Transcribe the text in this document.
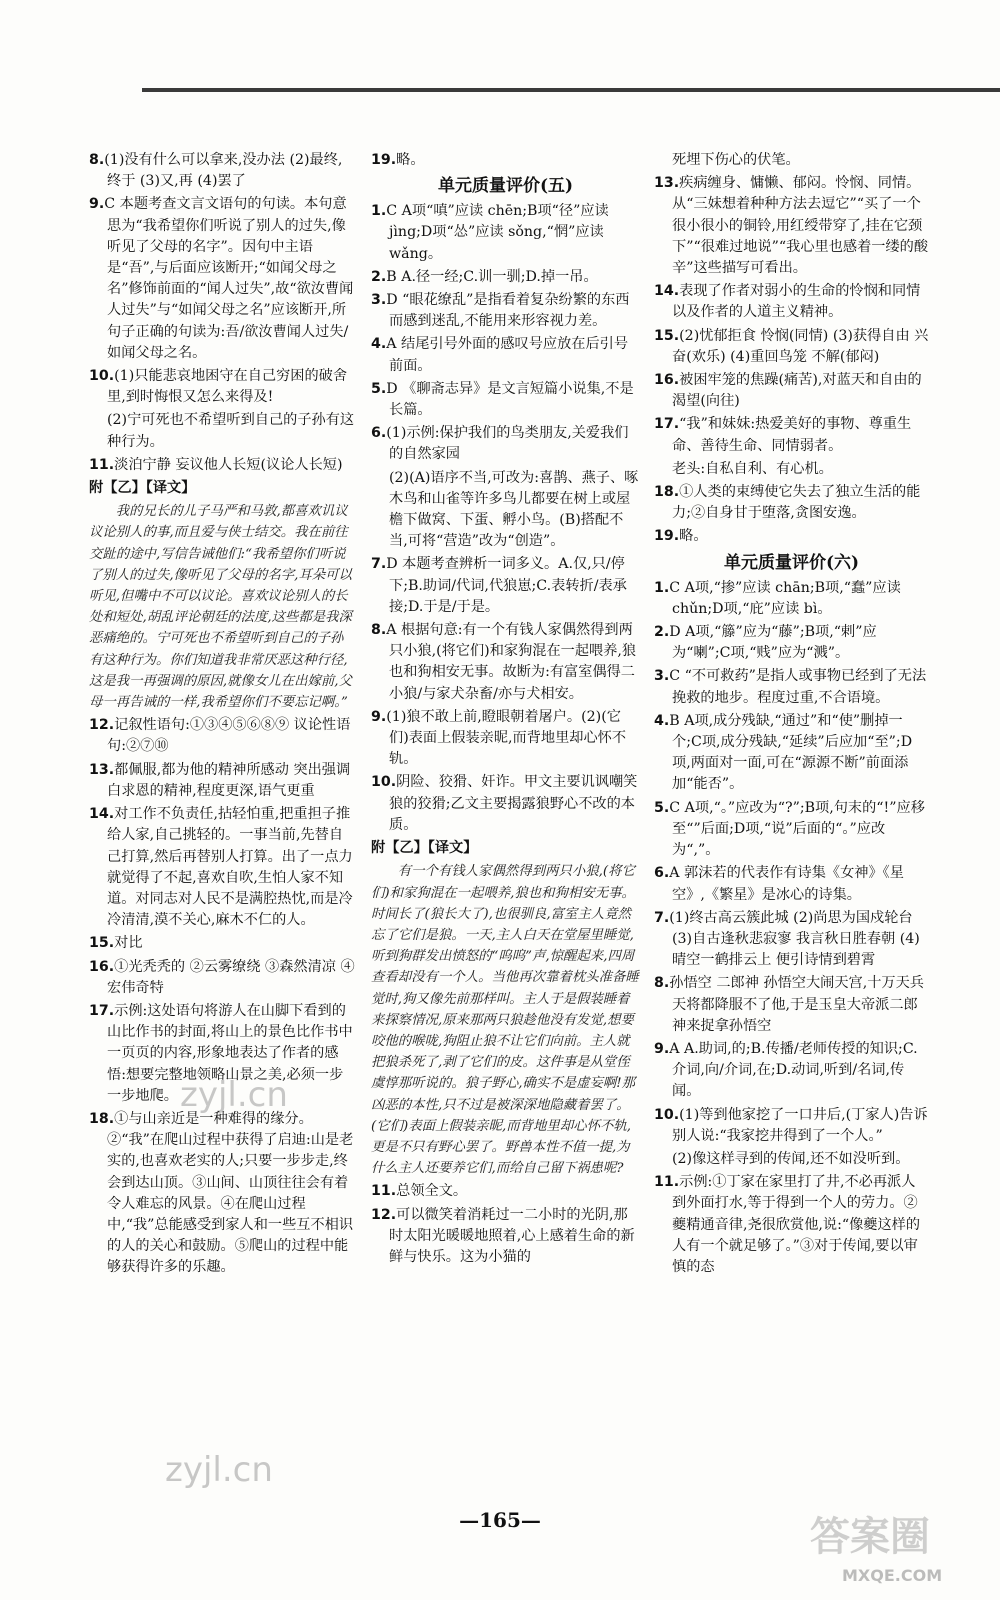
8.(1)没有什么可以拿来,没办法 (2)最终,终于 (3)又,再 (4)罢了
9.C 本题考查文言文语句的句读。本句意思为“我希望你们听说了别人的过失,像听见了父母的名字”。因句中主语是“吾”,与后面应该断开;“如闻父母之名”修饰前面的“闻人过失”,故“欲汝曹闻人过失”与“如闻父母之名”应该断开,所句子正确的句读为:吾/欲汝曹闻人过失/如闻父母之名。
10.(1)只能悲哀地困守在自己穷困的破舍里,到时悔恨又怎么来得及!
(2)宁可死也不希望听到自己的子孙有这种行为。
11.淡泊宁静 妄议他人长短(议论人长短)
附【乙】【译文】
我的兄长的儿子马严和马敦,都喜欢讥议议论别人的事,而且爱与侠士结交。我在前往交趾的途中,写信告诫他们:“我希望你们听说了别人的过失,像听见了父母的名字,耳朵可以听见,但嘴中不可以议论。喜欢议论别人的长处和短处,胡乱评论朝廷的法度,这些都是我深恶痛绝的。宁可死也不希望听到自己的子孙有这种行为。你们知道我非常厌恶这种行径,这是我一再强调的原因,就像女儿在出嫁前,父母一再告诫的一样,我希望你们不要忘记啊。”
12.记叙性语句:①③④⑤⑥⑧⑨ 议论性语句:②⑦⑩
13.都佩服,都为他的精神所感动 突出强调白求恩的精神,程度更深,语气更重
14.对工作不负责任,拈轻怕重,把重担子推给人家,自己挑轻的。一事当前,先替自己打算,然后再替别人打算。出了一点力就觉得了不起,喜欢自吹,生怕人家不知道。对同志对人民不是满腔热忱,而是冷冷清清,漠不关心,麻木不仁的人。
15.对比
16.①光秃秃的 ②云雾缭绕 ③森然清凉 ④宏伟奇特
17.示例:这处语句将游人在山脚下看到的山比作书的封面,将山上的景色比作书中一页页的内容,形象地表达了作者的感悟:想要完整地领略山景之美,必须一步一步地爬。
18.①与山亲近是一种难得的缘分。②“我”在爬山过程中获得了启迪:山是老实的,也喜欢老实的人;只要一步步走,终会到达山顶。③山间、山顶往往会有着令人难忘的风景。④在爬山过程中,“我”总能感受到家人和一些互不相识的人的关心和鼓励。⑤爬山的过程中能够获得许多的乐趣。
19.略。
单元质量评价(五)
1.C A项“嗔”应读 chēn;B项“径”应读 jìng;D项“怂”应读 sǒng,“惘”应读 wǎng。
2.B A.径一经;C.训一驯;D.掉一吊。
3.D “眼花缭乱”是指看着复杂纷繁的东西而感到迷乱,不能用来形容视力差。
4.A 结尾引号外面的感叹号应放在后引号前面。
5.D 《聊斋志异》是文言短篇小说集,不是长篇。
6.(1)示例:保护我们的鸟类朋友,关爱我们的自然家园
(2)(A)语序不当,可改为:喜鹊、燕子、啄木鸟和山雀等许多鸟儿都要在树上或屋檐下做窝、下蛋、孵小鸟。(B)搭配不当,可将“营造”改为“创造”。
7.D 本题考查辨析一词多义。A.仅,只/停下;B.助词/代词,代狼崽;C.表转折/表承接;D.于是/于是。
8.A 根据句意:有一个有钱人家偶然得到两只小狼,(将它们)和家狗混在一起喂养,狼也和狗相安无事。故断为:有富室偶得二小狼/与家犬杂畜/亦与犬相安。
9.(1)狼不敢上前,瞪眼朝着屠户。(2)(它们)表面上假装亲昵,而背地里却心怀不轨。
10.阴险、狡猾、奸诈。甲文主要讥讽嘲笑狼的狡猾;乙文主要揭露狼野心不改的本质。
附【乙】【译文】
有一个有钱人家偶然得到两只小狼,(将它们)和家狗混在一起喂养,狼也和狗相安无事。时间长了(狼长大了),也很驯良,富室主人竟然忘了它们是狼。一天,主人白天在堂屋里睡觉,听到狗群发出愤怒的“呜呜”声,惊醒起来,四周查看却没有一个人。当他再次靠着枕头准备睡觉时,狗又像先前那样叫。主人于是假装睡着来探察情况,原来那两只狼趁他没有发觉,想要咬他的喉咙,狗阻止狼不让它们向前。主人就把狼杀死了,剥了它们的皮。这件事是从堂侄虞惇那听说的。狼子野心,确实不是虚妄啊!那凶恶的本性,只不过是被深深地隐藏着罢了。(它们)表面上假装亲昵,而背地里却心怀不轨,更是不只有野心罢了。野兽本性不值一提,为什么主人还要养它们,而给自己留下祸患呢?
11.总领全文。
12.可以微笑着消耗过一二小时的光阴,那时太阳光暖暖地照着,心上感着生命的新鲜与快乐。这为小猫的
死埋下伤心的伏笔。
13.疾病缠身、慵懒、郁闷。怜悯、同情。从“三妹想着种种方法去逗它”“买了一个很小很小的铜铃,用红绶带穿了,挂在它颈下”“很难过地说”“我心里也感着一缕的酸辛”这些描写可看出。
14.表现了作者对弱小的生命的怜悯和同情以及作者的人道主义精神。
15.(2)忧郁拒食 怜悯(同情) (3)获得自由 兴奋(欢乐) (4)重回鸟笼 不解(郁闷)
16.被困牢笼的焦躁(痛苦),对蓝天和自由的渴望(向往)
17.“我”和妹妹:热爱美好的事物、尊重生命、善待生命、同情弱者。
老头:自私自利、有心机。
18.①人类的束缚使它失去了独立生活的能力;②自身甘于堕落,贪图安逸。
19.略。
单元质量评价(六)
1.C A项,“掺”应读 chān;B项,“蠢”应读 chǔn;D项,“庇”应读 bì。
2.D A项,“籐”应为“藤”;B项,“剌”应为“喇”;C项,“贱”应为“溅”。
3.C “不可救药”是指人或事物已经到了无法挽救的地步。程度过重,不合语境。
4.B A项,成分残缺,“通过”和“使”删掉一个;C项,成分残缺,“延续”后应加“至”;D项,两面对一面,可在“源源不断”前面添加“能否”。
5.C A项,“。”应改为“?”;B项,句末的“!”应移至“”后面;D项,“说”后面的“。”应改为“,”。
6.A 郭沫若的代表作有诗集《女神》《星空》,《繁星》是冰心的诗集。
7.(1)终古高云簇此城 (2)尚思为国戍轮台 (3)自古逢秋悲寂寥 我言秋日胜春朝 (4)晴空一鹤排云上 便引诗情到碧霄
8.孙悟空 二郎神 孙悟空大闹天宫,十万天兵天将都降服不了他,于是玉皇大帝派二郎神来捉拿孙悟空
9.A A.助词,的;B.传播/老师传授的知识;C.介词,向/介词,在;D.动词,听到/名词,传闻。
10.(1)等到他家挖了一口井后,(丁家人)告诉别人说:“我家挖井得到了一个人。”
(2)像这样寻到的传闻,还不如没听到。
11.示例:①丁家在家里打了井,不必再派人到外面打水,等于得到一个人的劳力。②夔精通音律,尧很欣赏他,说:“像夔这样的人有一个就足够了。”③对于传闻,要以审慎的态
—165—
zyjl.cn
zyjl.cn
答案圈
MXQE.COM
